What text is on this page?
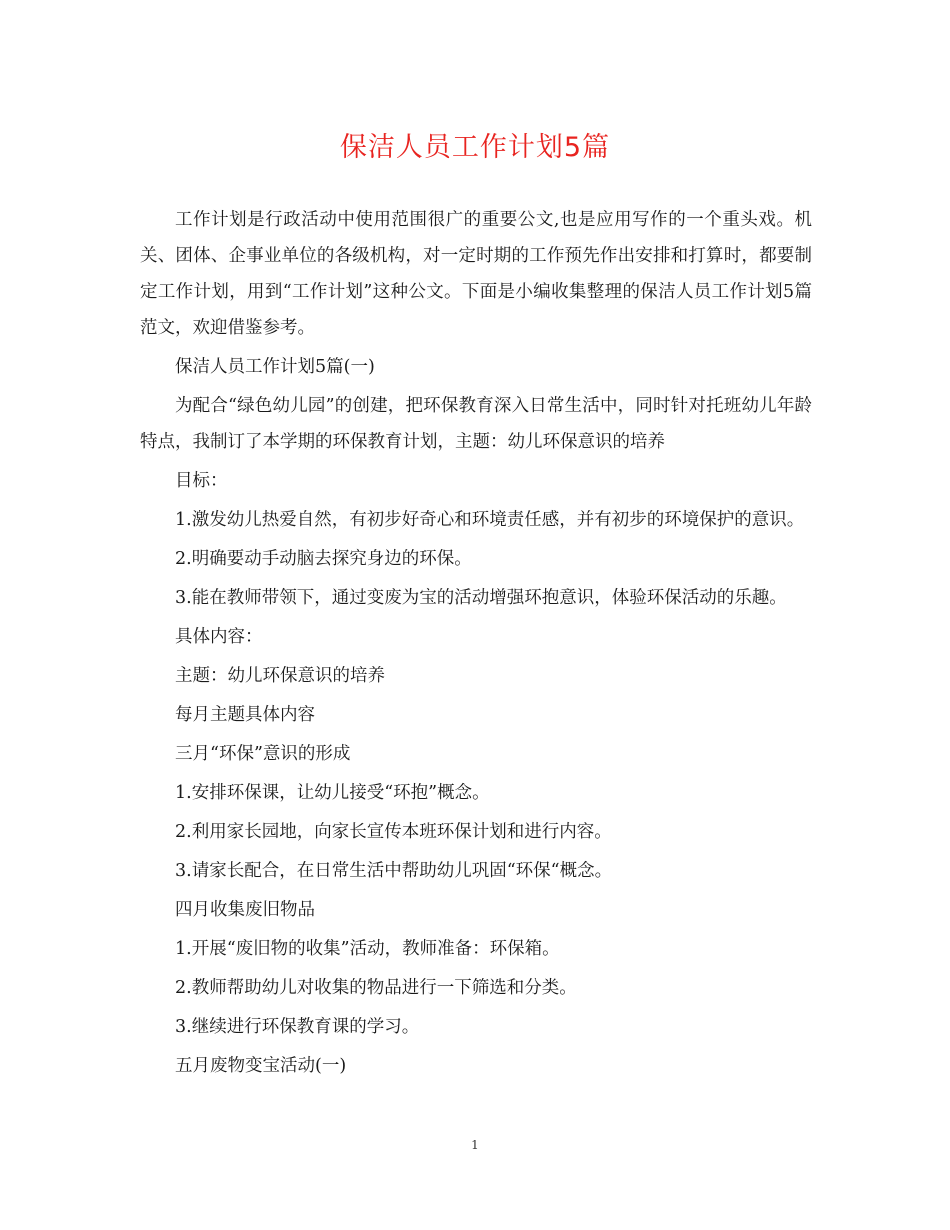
保洁人员工作计划5篇

工作计划是行政活动中使用范围很广的重要公文,也是应用写作的一个重头戏。机关、团体、企事业单位的各级机构，对一定时期的工作预先作出安排和打算时，都要制定工作计划，用到“工作计划”这种公文。下面是小编收集整理的保洁人员工作计划5篇范文，欢迎借鉴参考。

保洁人员工作计划5篇(一)

为配合“绿色幼儿园”的创建，把环保教育深入日常生活中，同时针对托班幼儿年龄特点，我制订了本学期的环保教育计划，主题：幼儿环保意识的培养

目标：

1.激发幼儿热爱自然，有初步好奇心和环境责任感，并有初步的环境保护的意识。

2.明确要动手动脑去探究身边的环保。

3.能在教师带领下，通过变废为宝的活动增强环抱意识，体验环保活动的乐趣。

具体内容：

主题：幼儿环保意识的培养

每月主题具体内容

三月“环保”意识的形成

1.安排环保课，让幼儿接受“环抱”概念。

2.利用家长园地，向家长宣传本班环保计划和进行内容。

3.请家长配合，在日常生活中帮助幼儿巩固“环保“概念。

四月收集废旧物品

1.开展“废旧物的收集”活动，教师准备：环保箱。

2.教师帮助幼儿对收集的物品进行一下筛选和分类。

3.继续进行环保教育课的学习。

五月废物变宝活动(一)

1
